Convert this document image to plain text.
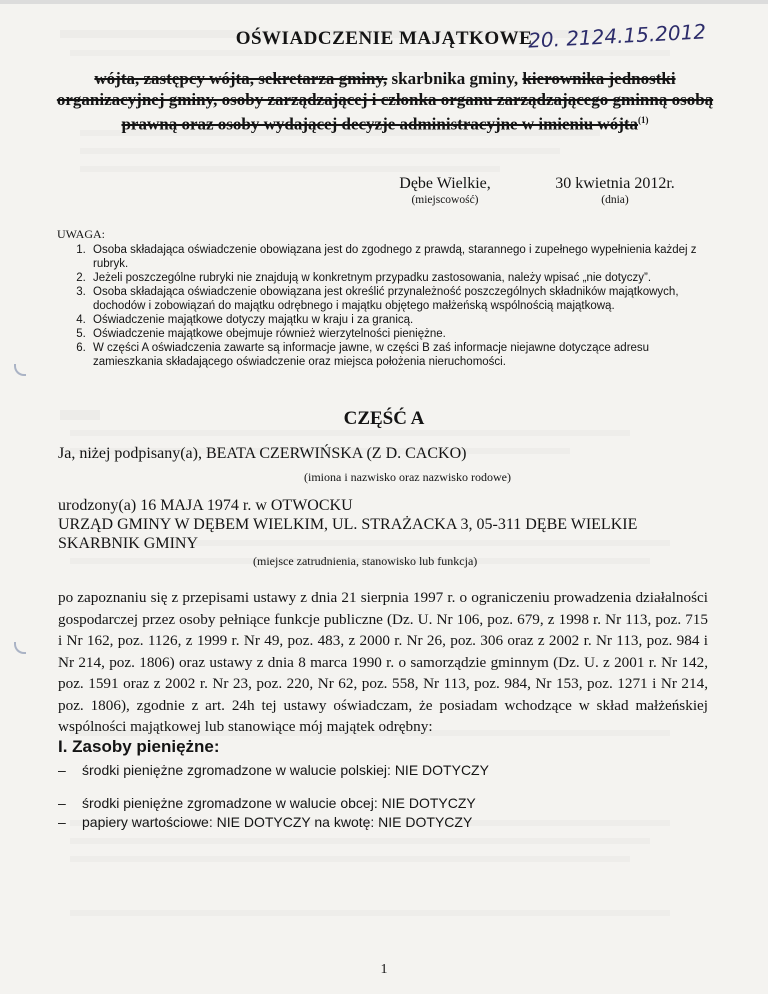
OŚWIADCZENIE MAJĄTKOWE
20. 2124.15.2012
wójta, zastępcy wójta, sekretarza gminy, skarbnika gminy, kierownika jednostki organizacyjnej gminy, osoby zarządzającej i członka organu zarządzającego gminną osobą prawną oraz osoby wydającej decyzje administracyjne w imieniu wójta$^{(1)}$
Dębe Wielkie,
(miejscowość)
30 kwietnia 2012r.
(dnia)
UWAGA:
1. Osoba składająca oświadczenie obowiązana jest do zgodnego z prawdą, starannego i zupełnego wypełnienia każdej z rubryk.
2. Jeżeli poszczególne rubryki nie znajdują w konkretnym przypadku zastosowania, należy wpisać „nie dotyczy”.
3. Osoba składająca oświadczenie obowiązana jest określić przynależność poszczególnych składników majątkowych, dochodów i zobowiązań do majątku odrębnego i majątku objętego małżeńską wspólnością majątkową.
4. Oświadczenie majątkowe dotyczy majątku w kraju i za granicą.
5. Oświadczenie majątkowe obejmuje również wierzytelności pieniężne.
6. W części A oświadczenia zawarte są informacje jawne, w części B zaś informacje niejawne dotyczące adresu zamieszkania składającego oświadczenie oraz miejsca położenia nieruchomości.
CZĘŚĆ A
Ja, niżej podpisany(a), BEATA CZERWIŃSKA (Z D. CACKO)
(imiona i nazwisko oraz nazwisko rodowe)
urodzony(a) 16 MAJA 1974 r. w OTWOCKU
URZĄD GMINY W DĘBEM WIELKIM, UL. STRAŻACKA 3, 05-311 DĘBE WIELKIE
SKARBNIK GMINY
(miejsce zatrudnienia, stanowisko lub funkcja)
po zapoznaniu się z przepisami ustawy z dnia 21 sierpnia 1997 r. o ograniczeniu prowadzenia działalności gospodarczej przez osoby pełniące funkcje publiczne (Dz. U. Nr 106, poz. 679, z 1998 r. Nr 113, poz. 715 i Nr 162, poz. 1126, z 1999 r. Nr 49, poz. 483, z 2000 r. Nr 26, poz. 306 oraz z 2002 r. Nr 113, poz. 984 i Nr 214, poz. 1806) oraz ustawy z dnia 8 marca 1990 r. o samorządzie gminnym (Dz. U. z 2001 r. Nr 142, poz. 1591 oraz z 2002 r. Nr 23, poz. 220, Nr 62, poz. 558, Nr 113, poz. 984, Nr 153, poz. 1271 i Nr 214, poz. 1806), zgodnie z art. 24h tej ustawy oświadczam, że posiadam wchodzące w skład małżeńskiej wspólności majątkowej lub stanowiące mój majątek odrębny:
I. Zasoby pieniężne:
– środki pieniężne zgromadzone w walucie polskiej: NIE DOTYCZY
– środki pieniężne zgromadzone w walucie obcej: NIE DOTYCZY
– papiery wartościowe: NIE DOTYCZY na kwotę: NIE DOTYCZY
1
